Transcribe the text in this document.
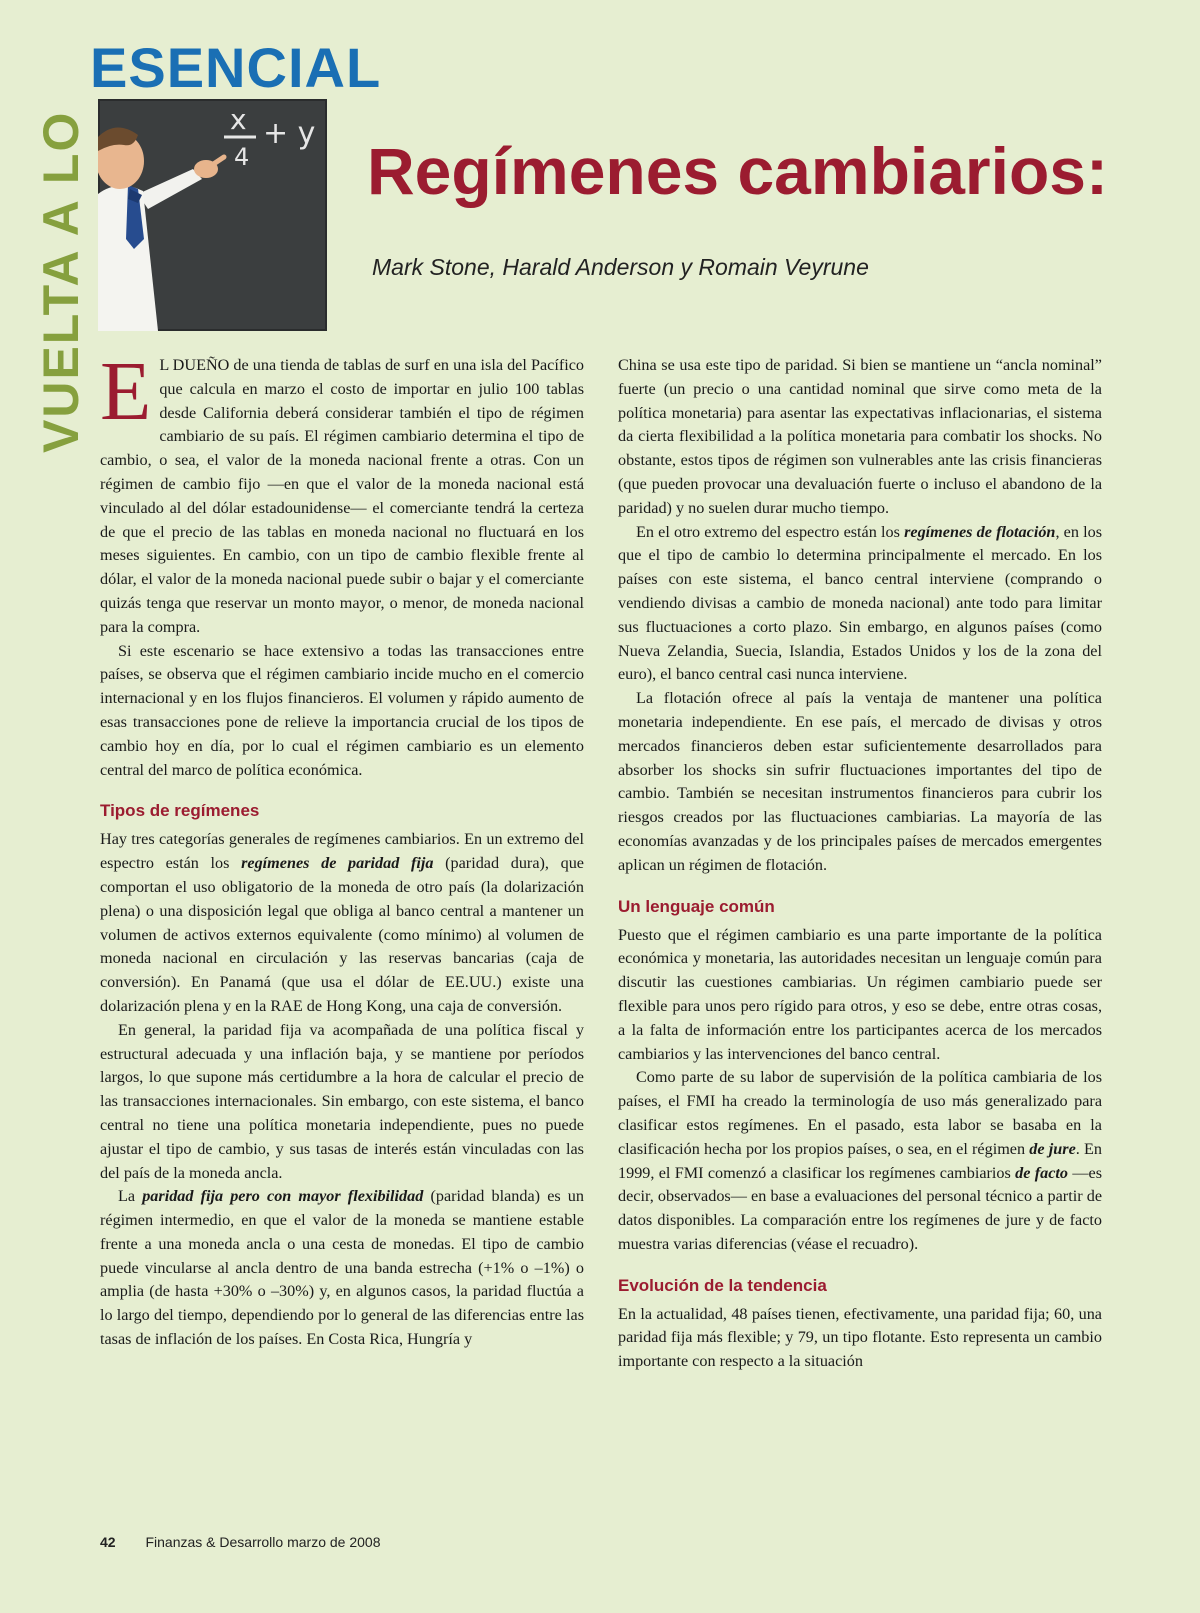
VUELTA A LO
ESENCIAL
x
4
+ y
Regímenes cambiarios:
Mark Stone, Harald Anderson y Romain Veyrune

E L DUEÑO de una tienda de tablas de surf en una isla del Pacífico que calcula en marzo el costo de importar en julio 100 tablas desde California deberá considerar también el tipo de régimen cambiario de su país. El régimen cambiario determina el tipo de cambio, o sea, el valor de la moneda nacional frente a otras. Con un régimen de cambio fijo —en que el valor de la moneda nacional está vinculado al del dólar estadounidense— el comerciante tendrá la certeza de que el precio de las tablas en moneda nacional no fluctuará en los meses siguientes. En cambio, con un tipo de cambio flexible frente al dólar, el valor de la moneda nacional puede subir o bajar y el comerciante quizás tenga que reservar un monto mayor, o menor, de moneda nacional para la compra.

Si este escenario se hace extensivo a todas las transacciones entre países, se observa que el régimen cambiario incide mucho en el comercio internacional y en los flujos financieros. El volumen y rápido aumento de esas transacciones pone de relieve la importancia crucial de los tipos de cambio hoy en día, por lo cual el régimen cambiario es un elemento central del marco de política económica.

Tipos de regímenes

Hay tres categorías generales de regímenes cambiarios. En un extremo del espectro están los regímenes de paridad fija (paridad dura), que comportan el uso obligatorio de la moneda de otro país (la dolarización plena) o una disposición legal que obliga al banco central a mantener un volumen de activos externos equivalente (como mínimo) al volumen de moneda nacional en circulación y las reservas bancarias (caja de conversión). En Panamá (que usa el dólar de EE.UU.) existe una dolarización plena y en la RAE de Hong Kong, una caja de conversión.

En general, la paridad fija va acompañada de una política fiscal y estructural adecuada y una inflación baja, y se mantiene por períodos largos, lo que supone más certidumbre a la hora de calcular el precio de las transacciones internacionales. Sin embargo, con este sistema, el banco central no tiene una política monetaria independiente, pues no puede ajustar el tipo de cambio, y sus tasas de interés están vinculadas con las del país de la moneda ancla.

La paridad fija pero con mayor flexibilidad (paridad blanda) es un régimen intermedio, en que el valor de la moneda se mantiene estable frente a una moneda ancla o una cesta de monedas. El tipo de cambio puede vincularse al ancla dentro de una banda estrecha (+1% o –1%) o amplia (de hasta +30% o –30%) y, en algunos casos, la paridad fluctúa a lo largo del tiempo, dependiendo por lo general de las diferencias entre las tasas de inflación de los países. En Costa Rica, Hungría y

China se usa este tipo de paridad. Si bien se mantiene un “ancla nominal” fuerte (un precio o una cantidad nominal que sirve como meta de la política monetaria) para asentar las expectativas inflacionarias, el sistema da cierta flexibilidad a la política monetaria para combatir los shocks. No obstante, estos tipos de régimen son vulnerables ante las crisis financieras (que pueden provocar una devaluación fuerte o incluso el abandono de la paridad) y no suelen durar mucho tiempo.

En el otro extremo del espectro están los regímenes de flotación, en los que el tipo de cambio lo determina principalmente el mercado. En los países con este sistema, el banco central interviene (comprando o vendiendo divisas a cambio de moneda nacional) ante todo para limitar sus fluctuaciones a corto plazo. Sin embargo, en algunos países (como Nueva Zelandia, Suecia, Islandia, Estados Unidos y los de la zona del euro), el banco central casi nunca interviene.

La flotación ofrece al país la ventaja de mantener una política monetaria independiente. En ese país, el mercado de divisas y otros mercados financieros deben estar suficientemente desarrollados para absorber los shocks sin sufrir fluctuaciones importantes del tipo de cambio. También se necesitan instrumentos financieros para cubrir los riesgos creados por las fluctuaciones cambiarias. La mayoría de las economías avanzadas y de los principales países de mercados emergentes aplican un régimen de flotación.

Un lenguaje común

Puesto que el régimen cambiario es una parte importante de la política económica y monetaria, las autoridades necesitan un lenguaje común para discutir las cuestiones cambiarias. Un régimen cambiario puede ser flexible para unos pero rígido para otros, y eso se debe, entre otras cosas, a la falta de información entre los participantes acerca de los mercados cambiarios y las intervenciones del banco central.

Como parte de su labor de supervisión de la política cambiaria de los países, el FMI ha creado la terminología de uso más generalizado para clasificar estos regímenes. En el pasado, esta labor se basaba en la clasificación hecha por los propios países, o sea, en el régimen de jure. En 1999, el FMI comenzó a clasificar los regímenes cambiarios de facto —es decir, observados— en base a evaluaciones del personal técnico a partir de datos disponibles. La comparación entre los regímenes de jure y de facto muestra varias diferencias (véase el recuadro).

Evolución de la tendencia

En la actualidad, 48 países tienen, efectivamente, una paridad fija; 60, una paridad fija más flexible; y 79, un tipo flotante. Esto representa un cambio importante con respecto a la situación

42 Finanzas & Desarrollo marzo de 2008
